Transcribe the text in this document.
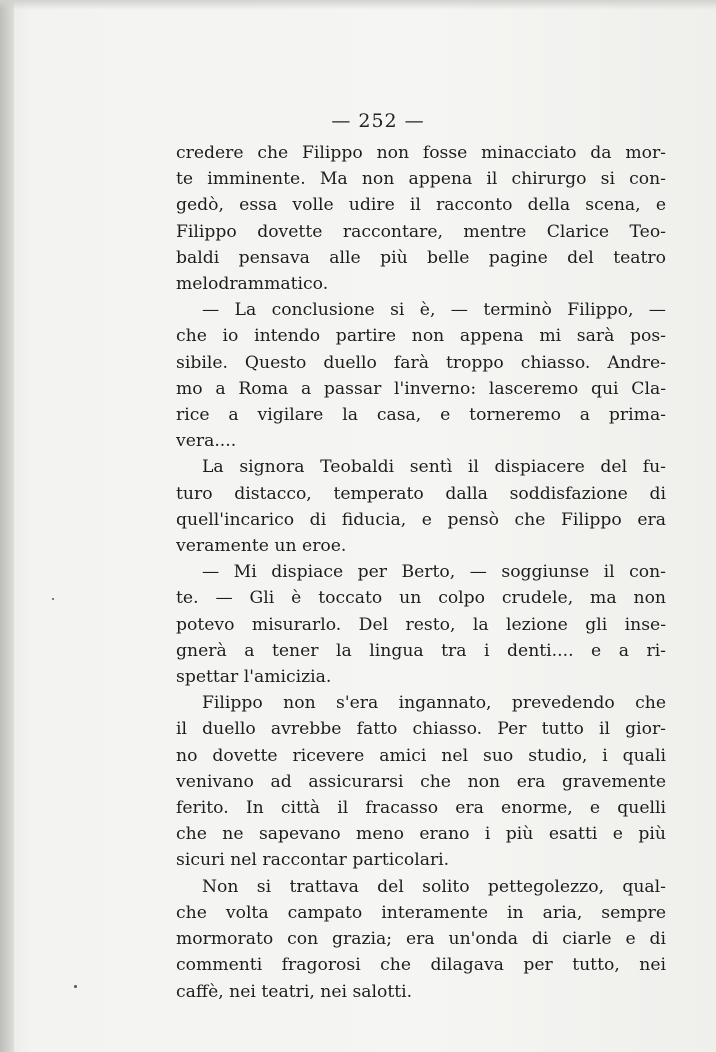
— 252 —
credere che Filippo non fosse minacciato da mor-
te imminente. Ma non appena il chirurgo si con-
gedò, essa volle udire il racconto della scena, e
Filippo dovette raccontare, mentre Clarice Teo-
baldi pensava alle più belle pagine del teatro
melodrammatico.
— La conclusione si è, — terminò Filippo, —
che io intendo partire non appena mi sarà pos-
sibile. Questo duello farà troppo chiasso. Andre-
mo a Roma a passar l'inverno: lasceremo qui Cla-
rice a vigilare la casa, e torneremo a prima-
vera....
La signora Teobaldi sentì il dispiacere del fu-
turo distacco, temperato dalla soddisfazione di
quell'incarico di fiducia, e pensò che Filippo era
veramente un eroe.
— Mi dispiace per Berto, — soggiunse il con-
te. — Gli è toccato un colpo crudele, ma non
potevo misurarlo. Del resto, la lezione gli inse-
gnerà a tener la lingua tra i denti.... e a ri-
spettar l'amicizia.
Filippo non s'era ingannato, prevedendo che
il duello avrebbe fatto chiasso. Per tutto il gior-
no dovette ricevere amici nel suo studio, i quali
venivano ad assicurarsi che non era gravemente
ferito. In città il fracasso era enorme, e quelli
che ne sapevano meno erano i più esatti e più
sicuri nel raccontar particolari.
Non si trattava del solito pettegolezzo, qual-
che volta campato interamente in aria, sempre
mormorato con grazia; era un'onda di ciarle e di
commenti fragorosi che dilagava per tutto, nei
caffè, nei teatri, nei salotti.
